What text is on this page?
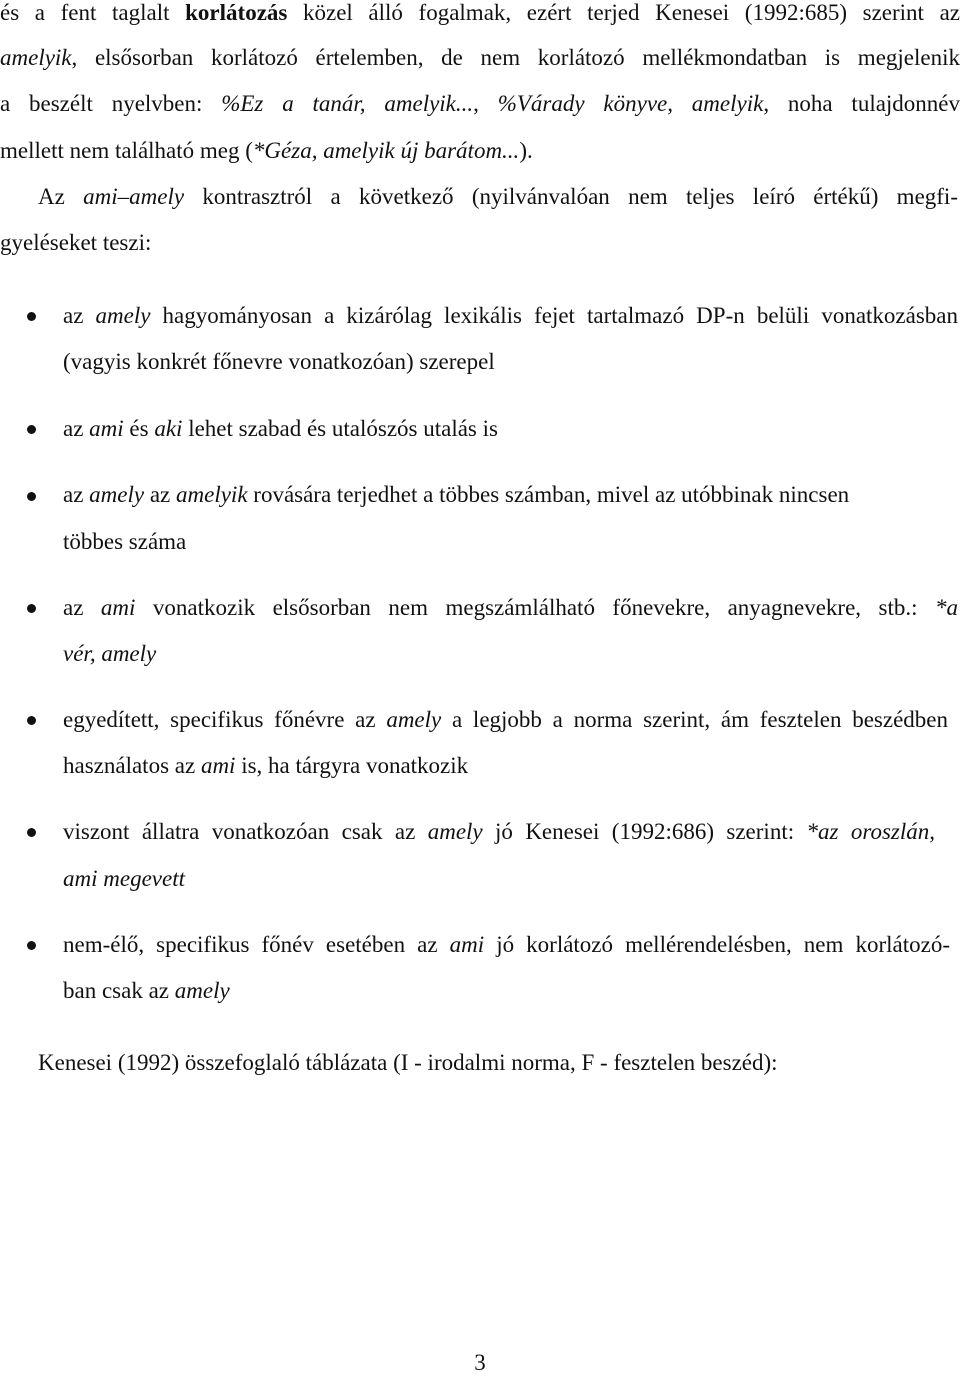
és a fent taglalt korlátozás közel álló fogalmak, ezért terjed Kenesei (1992:685) szerint az
amelyik, elsősorban korlátozó értelemben, de nem korlátozó mellékmondatban is megjelenik
a beszélt nyelvben: %Ez a tanár, amelyik..., %Várady könyve, amelyik, noha tulajdonnév
mellett nem található meg (*Géza, amelyik új barátom...).
Az ami–amely kontrasztról a következő (nyilvánvalóan nem teljes leíró értékű) megfi-
gyeléseket teszi:
az amely hagyományosan a kizárólag lexikális fejet tartalmazó DP-n belüli vonatkozásban
(vagyis konkrét főnevre vonatkozóan) szerepel
az ami és aki lehet szabad és utalószós utalás is
az amely az amelyik rovására terjedhet a többes számban, mivel az utóbbinak nincsen
többes száma
az ami vonatkozik elsősorban nem megszámlálható főnevekre, anyagnevekre, stb.: *a
vér, amely
egyedített, specifikus főnévre az amely a legjobb a norma szerint, ám fesztelen beszédben
használatos az ami is, ha tárgyra vonatkozik
viszont állatra vonatkozóan csak az amely jó Kenesei (1992:686) szerint: *az oroszlán,
ami megevett
nem-élő, specifikus főnév esetében az ami jó korlátozó mellérendelésben, nem korlátozó-
ban csak az amely
Kenesei (1992) összefoglaló táblázata (I - irodalmi norma, F - fesztelen beszéd):
3
